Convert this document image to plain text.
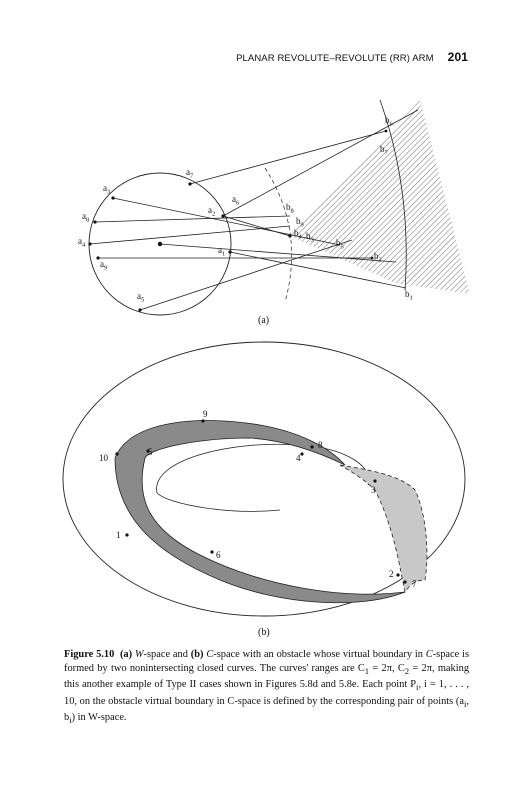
PLANAR REVOLUTE–REVOLUTE (RR) ARM 201
$a_1$
$a_2$
$a_3$
$a_4$
$a_5$
$a_6$
$a_7$
$a_8$
$a_9$
$b_1$
$b_2$
$b_3$
$b_4$
$b_5$
$b_6$
$b_7$
$b_8$
$b_9$
(a)
1
2
3
4
5
6
7
8
9
10
(b)
Figure 5.10 (a) W-space and (b) C-space with an obstacle whose virtual boundary in C-space is formed by two nonintersecting closed curves. The curves' ranges are $C_1 = 2\pi$, $C_2 = 2\pi$, making this another example of Type II cases shown in Figures 5.8d and 5.8e. Each point $P_i$, i = 1, . . . , 10, on the obstacle virtual boundary in C-space is defined by the corresponding pair of points ($a_i$, $b_i$) in W-space.
